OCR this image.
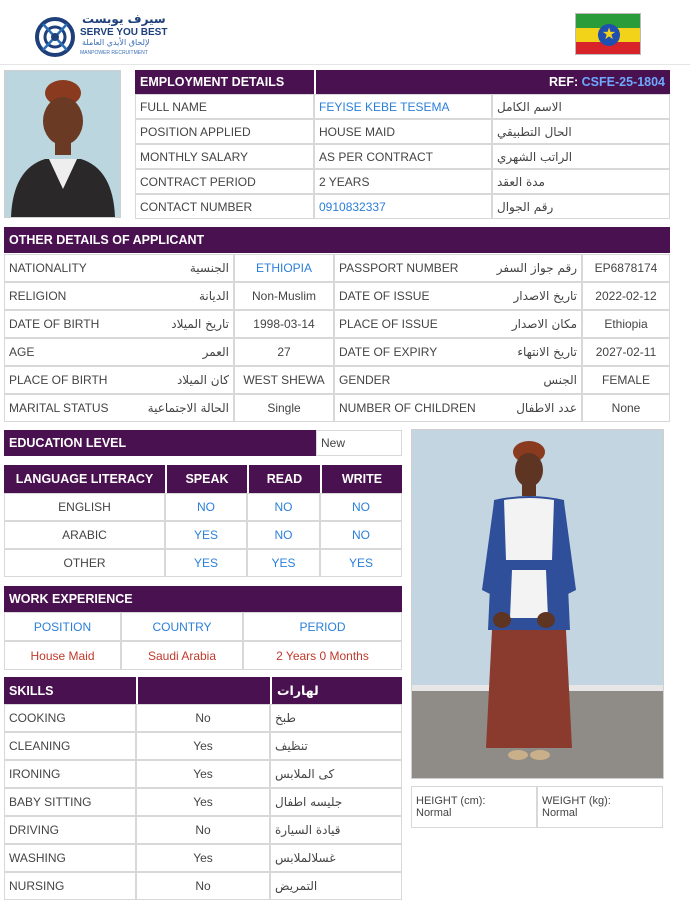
سيرف يوبست
SERVE YOU BEST
لإلحاق الأيدي العاملة
MANPOWER RECRUITMENT
★
EMPLOYMENT DETAILS	REF:
CSFE-25-1804
FULL NAME	FEYISE KEBE TESEMA	الاسم الكامل
POSITION APPLIED	HOUSE MAID	الحال التطبيقي
MONTHLY SALARY	AS PER CONTRACT	الراتب الشهري
CONTRACT PERIOD	2 YEARS	مدة العقد
CONTACT NUMBER	0910832337	رقم الجوال
OTHER DETAILS OF APPLICANT
NATIONALITY	الجنسية	ETHIOPIA	PASSPORT NUMBER	رقم جواز السفر	EP6878174
RELIGION	الديانة	Non-Muslim	DATE OF ISSUE	تاريخ الاصدار	2022-02-12
DATE OF BIRTH	تاريخ الميلاد	1998-03-14	PLACE OF ISSUE	مكان الاصدار	Ethiopia
AGE	العمر	27	DATE OF EXPIRY	تاريخ الانتهاء	2027-02-11
PLACE OF BIRTH	كان الميلاد	WEST SHEWA	GENDER	الجنس	FEMALE
MARITAL STATUS	الحالة الاجتماعية	Single	NUMBER OF CHILDREN	عدد الاطفال	None
EDUCATION LEVEL	New
LANGUAGE LITERACY	SPEAK	READ	WRITE
ENGLISH	NO	NO	NO
ARABIC	YES	NO	NO
OTHER	YES	YES	YES
WORK EXPERIENCE
POSITION	COUNTRY	PERIOD
House Maid	Saudi Arabia	2 Years 0 Months
SKILLS	لهارات
COOKING	No	طبخ
CLEANING	Yes	تنظيف
IRONING	Yes	كى الملابس
BABY SITTING	Yes	جليسه اطفال
DRIVING	No	قيادة السيارة
WASHING	Yes	غسلالملابس
NURSING	No	التمريض
HEIGHT (cm):
Normal
WEIGHT (kg):
Normal
